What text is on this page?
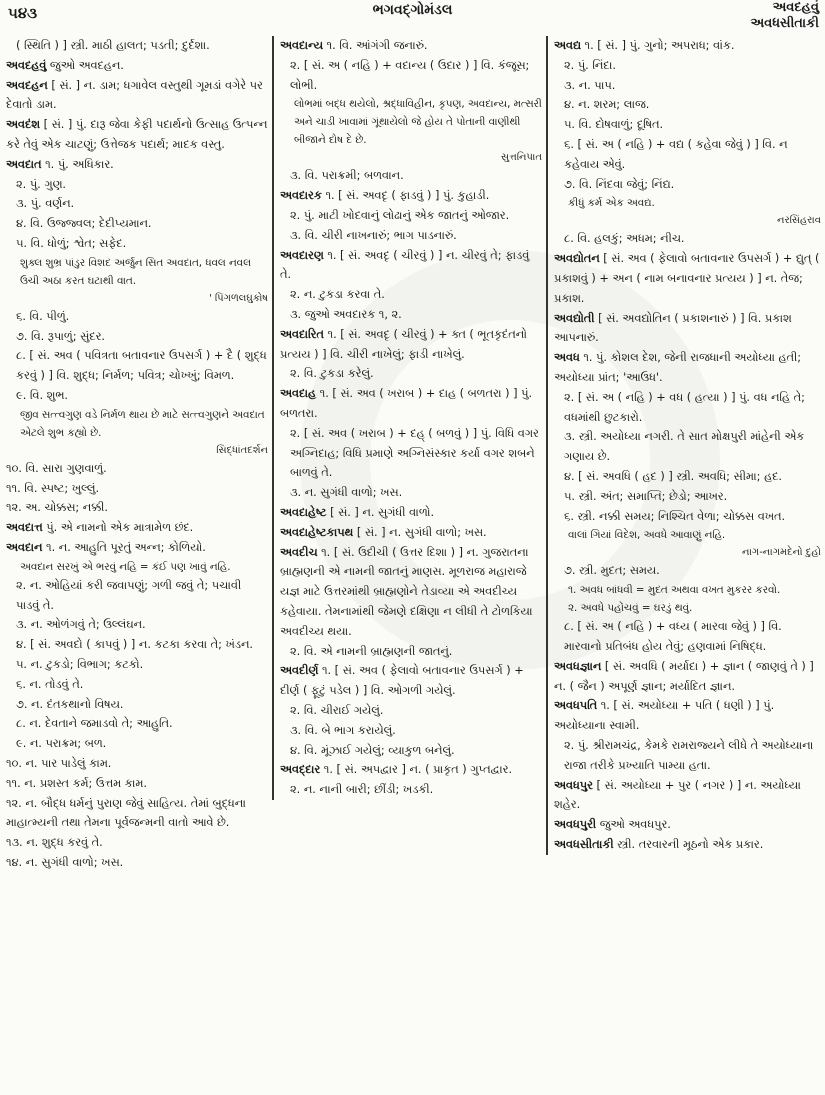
૫૪૩	ભગવદ્ગોમંડલ	અવદહવું
અવધસીતાકી
( સ્થિતિ ) ] સ્ત્રી. માઠી હાલત; પડતી; દુર્દશા.
અવદહવું જુઓ અવદહન.
અવદહન [ સં. ] ન. ડામ; ધગાવેલ વસ્તુથી ગૂમડાં વગેરે પર દેવાતો ડામ.
અવદંશ [ સં. ] પું. દારૂ જેવા કેફી પદાર્થનો ઉત્સાહ ઉત્પન્ન કરે તેવું એક ચાટણું; ઉત્તેજક પદાર્થ; માદક વસ્તુ.
અવદાત ૧. પું. અધિકાર.
૨. પું. ગુણ.
૩. પું. વર્ણન.
૪. વિ. ઉજ્જ્વલ; દેદીપ્યમાન.
૫. વિ. ધોળું; શ્વેત; સફેદ.
શુક્લ શુભ્ર પાંડુર વિશદ અર્જુન સિત અવદાત, ધવલ નવલ ઉચી અઠા કરત ઘટાથી વાત.
' પિંગળલઘુકોષ
૬. વિ. પીળું.
૭. વિ. રૂપાળું; સુંદર.
૮. [ સં. અવ ( પવિત્રતા બતાવનાર ઉપસર્ગ ) + દૈ ( શુદ્ધ કરવું ) ] વિ. શુદ્ધ; નિર્મળ; પવિત્ર; ચોખ્ખું; વિમળ.
૯. વિ. શુભ.
જીવ સત્ત્વગુણ વડે નિર્મળ થાય છે માટે સત્ત્વગુણને અવદાત એટલે શુભ કહ્યો છે.
સિદ્ધાંતદર્શન
૧૦. વિ. સારા ગુણવાળું.
૧૧. વિ. સ્પષ્ટ; ખુલ્લું.
૧૨. અ. ચોક્કસ; નક્કી.
અવદાત્ત પું. એ નામનો એક માત્રામેળ છંદ.
અવદાન ૧. ન. આહુતિ પૂરતું અન્ન; કોળિયો.
અવદાન સરખું એ ભરવું નહિ = કંઈ પણ ખાવું નહિ.
૨. ન. ઓહિયાં કરી જવાપણું; ગળી જવું તે; પચાવી પાડવું તે.
૩. ન. ઓળંગવું તે; ઉલ્લંઘન.
૪. [ સં. અવદો ( કાપવું ) ] ન. કટકા કરવા તે; ખંડન.
૫. ન. ટુકડો; વિભાગ; કટકો.
૬. ન. તોડવું તે.
૭. ન. દંતકથાનો વિષય.
૮. ન. દેવતાને જમાડવો તે; આહુતિ.
૯. ન. પરાક્રમ; બળ.
૧૦. ન. પાર પાડેલું કામ.
૧૧. ન. પ્રશસ્ત કર્મ; ઉત્તમ કામ.
૧૨. ન. બૌદ્ધ ધર્મનું પુરાણ જેવું સાહિત્ય. તેમાં બુદ્ધના માહાત્મ્યની તથા તેમના પૂર્વજન્મની વાતો આવે છે.
૧૩. ન. શુદ્ધ કરવું તે.
૧૪. ન. સુગંધી વાળો; ખસ.
અવદાન્ય ૧. વિ. આંગંગી જનારું.
૨. [ સં. અ ( નહિ ) + વદાન્ય ( ઉદાર ) ] વિ. કંજૂસ; લોભી.
લોભમાં બદ્ધ થયેલો, શ્રદ્ધાવિહીન, કૃપણ, અવદાન્ય, મત્સરી અને ચાડી ખાવામાં ગૂંથાયેલો જે હોય તે પોતાની વાણીથી બીજાને દોષ દે છે.
સુત્તનિપાત
૩. વિ. પરાક્રમી; બળવાન.
અવદારક ૧. [ સં. અવદૃ ( ફાડવું ) ] પું. કુહાડી.
૨. પું. માટી ખોદવાનું લોઢાનું એક જાતનું ઓજાર.
૩. વિ. ચીરી નાખનારું; ભાગ પાડનારું.
અવદારણ ૧. [ સં. અવદૃ ( ચીરવું ) ] ન. ચીરવું તે; ફાડવું તે.
૨. ન. ટુકડા કરવા તે.
૩. જુઓ અવદારક ૧, ૨.
અવદારિત ૧. [ સં. અવદૃ ( ચીરવું ) + ક્ત ( ભૂતકૃદંતનો પ્રત્યય ) ] વિ. ચીરી નાખેલું; ફાડી નાખેલું.
૨. વિ. ટુકડા કરેલું.
અવદાહ ૧. [ સં. અવ ( ખરાબ ) + દાહ ( બળતરા ) ] પું. બળતરા.
૨. [ સં. અવ ( ખરાબ ) + દહ્ ( બળવું ) ] પું. વિધિ વગર અગ્નિદાહ; વિધિ પ્રમાણે અગ્નિસંસ્કાર કર્યા વગર શબને બાળવું તે.
૩. ન. સુગંધી વાળો; ખસ.
અવદાહેષ્ટ [ સં. ] ન. સુગંધી વાળો.
અવદાહેષ્ટકાપથ [ સં. ] ન. સુગંધી વાળો; ખસ.
અવદીચ ૧. [ સં. ઉદીચી ( ઉત્તર દિશા ) ] ન. ગુજરાતના બ્રાહ્મણની એ નામની જાતનું માણસ. મૂળરાજ મહારાજે યજ્ઞ માટે ઉત્તરમાંથી બ્રાહ્મણોને તેડાવ્યા એ અવદીચ્ય કહેવાયા. તેમનામાંથી જેમણે દક્ષિણા ન લીધી તે ટોળકિયા અવદીચ્ય થયા.
૨. વિ. એ નામની બ્રાહ્મણની જાતનું.
અવદીર્ણ ૧. [ સં. અવ ( ફેલાવો બતાવનાર ઉપસર્ગ ) + દીર્ણ ( ફૂટું પડેલ ) ] વિ. ઓગળી ગયેલું.
૨. વિ. ચીરાઈ ગયેલું.
૩. વિ. બે ભાગ કરાયેલું.
૪. વિ. મૂંઝાઈ ગયેલું; વ્યાકુળ બનેલું.
અવદ્દાર ૧. [ સં. અપદ્વાર ] ન. ( પ્રાકૃત ) ગુપ્તદ્વાર.
૨. ન. નાની બારી; છીંડી; ખડકી.
અવદ્ય ૧. [ સં. ] પું. ગુનો; અપરાધ; વાંક.
૨. પું. નિંદા.
૩. ન. પાપ.
૪. ન. શરમ; લાજ.
૫. વિ. દોષવાળું; દૂષિત.
૬. [ સં. અ ( નહિ ) + વદ્ય ( કહેવા જેવું ) ] વિ. ન કહેવાય એવું.
૭. વિ. નિંદવા જેવું; નિંદ્ય.
કીધું કર્મ એક અવદ્ય.
નરસિંહરાવ
૮. વિ. હલકું; અધમ; નીચ.
અવદ્યોતન [ સં. અવ ( ફેલાવો બતાવનાર ઉપસર્ગ ) + દ્યુત્ ( પ્રકાશવું ) + અન ( નામ બનાવનાર પ્રત્યય ) ] ન. તેજ; પ્રકાશ.
અવદ્યોતી [ સં. અવદ્યોતિન ( પ્રકાશનારું ) ] વિ. પ્રકાશ આપનારું.
અવધ ૧. પું. કોશલ દેશ, જેની રાજધાની અયોધ્યા હતી; અયોધ્યા પ્રાંત; 'આઉધ'.
૨. [ સં. અ ( નહિ ) + વધ ( હત્યા ) ] પું. વધ નહિ તે; વધમાંથી છુટકારો.
૩. સ્ત્રી. અયોધ્યા નગરી. તે સાત મોક્ષપુરી માંહેની એક ગણાય છે.
૪. [ સં. અવધિ ( હદ ) ] સ્ત્રી. અવધિ; સીમા; હદ.
૫. સ્ત્રી. અંત; સમાપ્તિ; છેડો; આખર.
૬. સ્ત્રી. નક્કી સમય; નિશ્ચિત વેળા; ચોક્કસ વખત.
વાલાં ગિયાં વિદેશ, અવધે આવાણું નહિ.
નાગ-નાગમદેનો દુહો
૭. સ્ત્રી. મુદત; સમય.
૧. અવધ બાંધવી = મુદત અથવા વખત મુકરર કરવો.
૨. અવધે પહોંચવું = ઘરડું થવું.
૮. [ સં. અ ( નહિ ) + વધ્ય ( મારવા જેવું ) ] વિ. મારવાનો પ્રતિબંધ હોય તેવું; હણવામાં નિષિદ્ધ.
અવધજ્ઞાન [ સં. અવધિ ( મર્યાદા ) + જ્ઞાન ( જાણવું તે ) ] ન. ( જૈન ) અપૂર્ણ જ્ઞાન; મર્યાદિત જ્ઞાન.
અવધપતિ ૧. [ સં. અયોધ્યા + પતિ ( ધણી ) ] પું. અયોધ્યાના સ્વામી.
૨. પું. શ્રીરામચંદ્ર, કેમકે રામરાજ્યને લીધે તે અયોધ્યાના રાજા તરીકે પ્રખ્યાતિ પામ્યા હતા.
અવધપુર [ સં. અયોધ્યા + પુર ( નગર ) ] ન. અયોધ્યા શહેર.
અવધપુરી જુઓ અવધપુર.
અવધસીતાકી સ્ત્રી. તરવારની મૂઠનો એક પ્રકાર.
